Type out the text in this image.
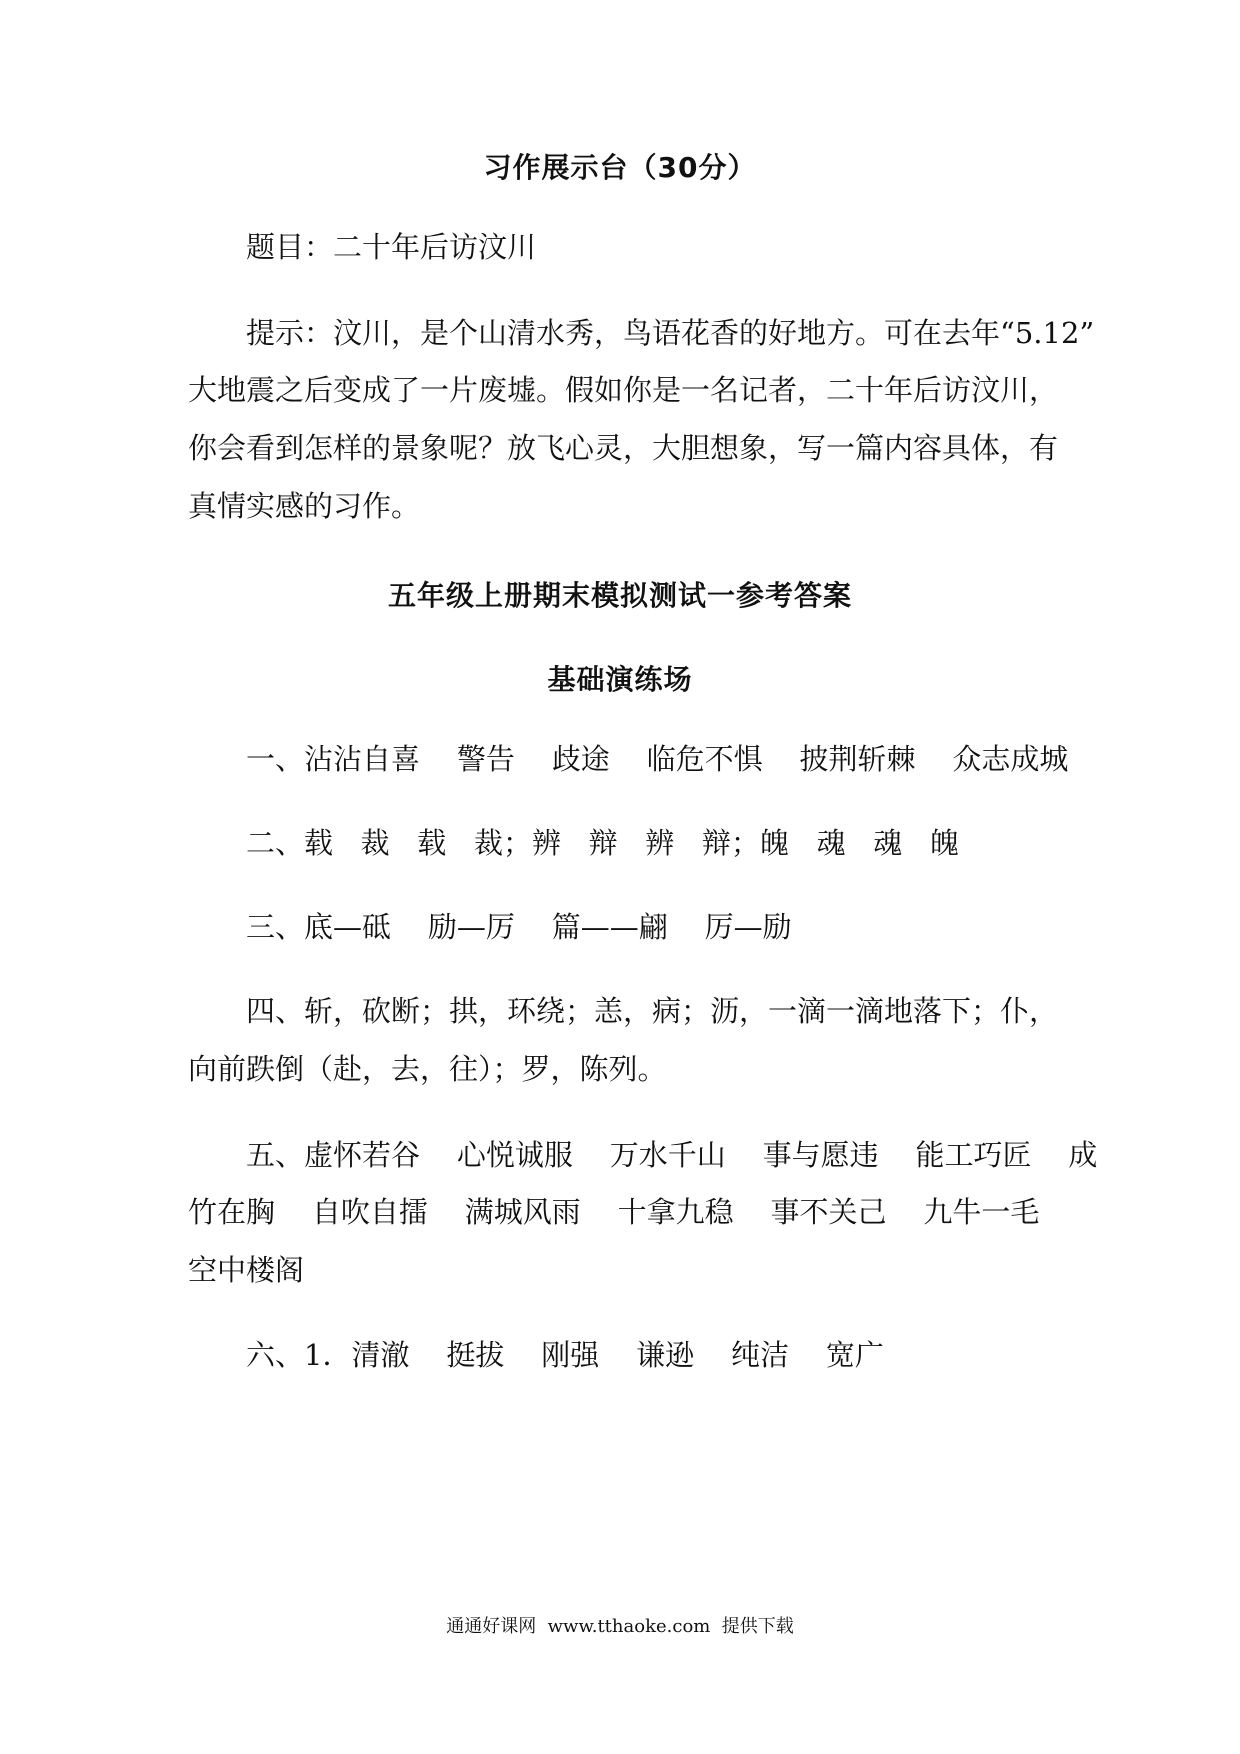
习作展示台（30分）
题目：二十年后访汶川
提示：汶川，是个山清水秀，鸟语花香的好地方。可在去年“5.12”
大地震之后变成了一片废墟。假如你是一名记者，二十年后访汶川，
你会看到怎样的景象呢？放飞心灵，大胆想象，写一篇内容具体，有
真情实感的习作。
五年级上册期末模拟测试一参考答案
基础演练场
一、沾沾自喜    警告    歧途    临危不惧    披荆斩棘    众志成城
二、载   裁   载   裁；辨   辩   辨   辩；魄   魂   魂   魄
三、底—砥    励—厉    篇——翩    厉—励
四、斩，砍断；拱，环绕；恙，病；沥，一滴一滴地落下；仆，
向前跌倒（赴，去，往）；罗，陈列。
五、虚怀若谷    心悦诚服    万水千山    事与愿违    能工巧匠    成
竹在胸    自吹自擂    满城风雨    十拿九稳    事不关己    九牛一毛
空中楼阁
六、1．清澈    挺拔    刚强    谦逊    纯洁    宽广
通通好课网  www.tthaoke.com  提供下载
